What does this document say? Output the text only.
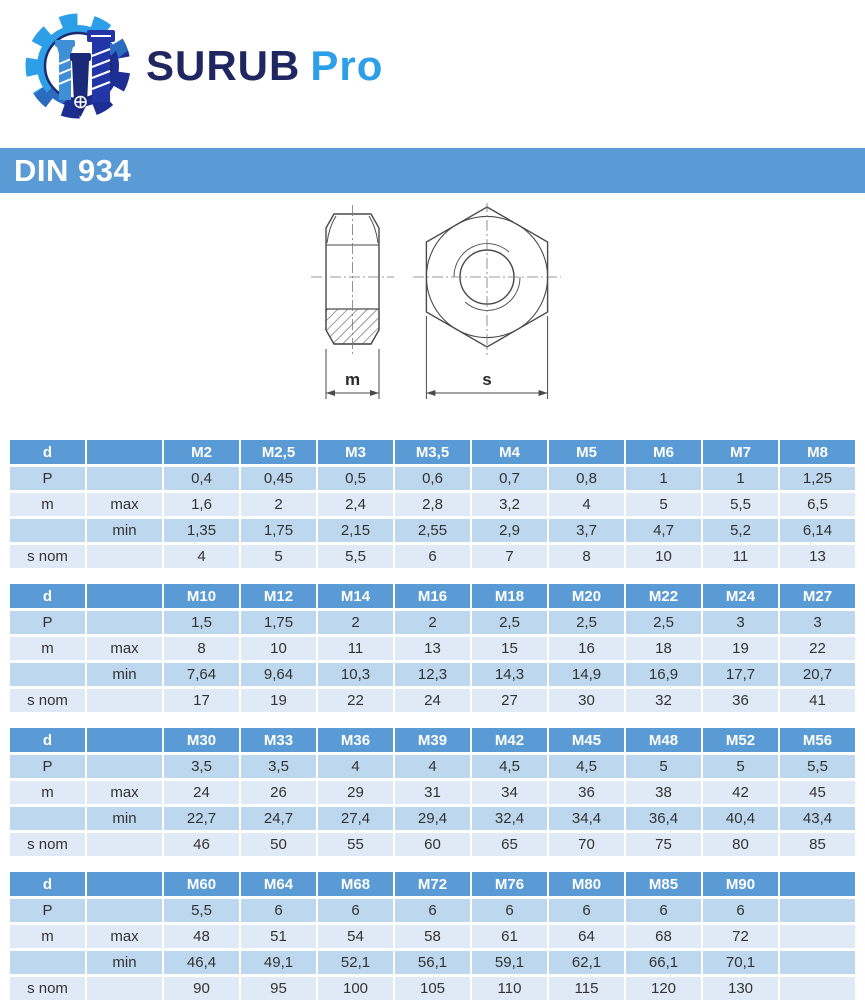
SURUB Pro
DIN 934
m	s
d		M2	M2,5	M3	M3,5	M4	M5	M6	M7	M8
P		0,4	0,45	0,5	0,6	0,7	0,8	1	1	1,25
m	max	1,6	2	2,4	2,8	3,2	4	5	5,5	6,5
	min	1,35	1,75	2,15	2,55	2,9	3,7	4,7	5,2	6,14
s nom		4	5	5,5	6	7	8	10	11	13
d		M10	M12	M14	M16	M18	M20	M22	M24	M27
P		1,5	1,75	2	2	2,5	2,5	2,5	3	3
m	max	8	10	11	13	15	16	18	19	22
	min	7,64	9,64	10,3	12,3	14,3	14,9	16,9	17,7	20,7
s nom		17	19	22	24	27	30	32	36	41
d		M30	M33	M36	M39	M42	M45	M48	M52	M56
P		3,5	3,5	4	4	4,5	4,5	5	5	5,5
m	max	24	26	29	31	34	36	38	42	45
	min	22,7	24,7	27,4	29,4	32,4	34,4	36,4	40,4	43,4
s nom		46	50	55	60	65	70	75	80	85
d		M60	M64	M68	M72	M76	M80	M85	M90	
P		5,5	6	6	6	6	6	6	6	
m	max	48	51	54	58	61	64	68	72	
	min	46,4	49,1	52,1	56,1	59,1	62,1	66,1	70,1	
s nom		90	95	100	105	110	115	120	130	
